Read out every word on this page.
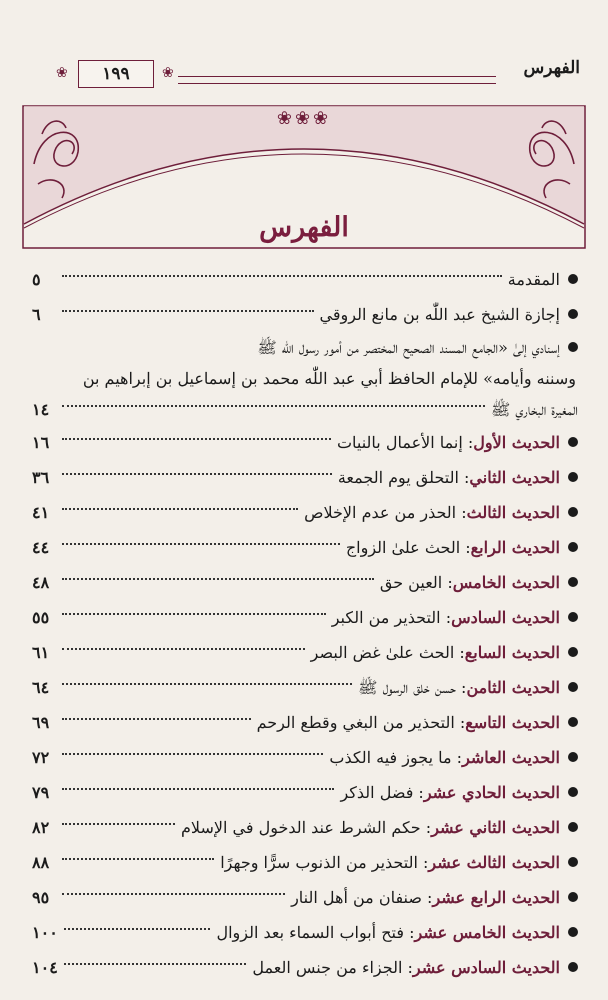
الفهرس
❀
١٩٩
❀
❀❀❀
الفهرس
المقدمة
٥
إجازة الشيخ عبد اللّٰه بن مانع الروقي
٦
إسنادي إلىٰ «الجامع المسند الصحيح المختصر من أمور رسول اللّٰه ﷺ
وسننه وأيامه» للإمام الحافظ أبي عبد اللّٰه محمد بن إسماعيل بن إبراهيم بن
المغيرة البخاري ﷺ
١٤
الحديث الأول: إنما الأعمال بالنيات
١٦
الحديث الثاني: التحلق يوم الجمعة
٣٦
الحديث الثالث: الحذر من عدم الإخلاص
٤١
الحديث الرابع: الحث علىٰ الزواج
٤٤
الحديث الخامس: العين حق
٤٨
الحديث السادس: التحذير من الكبر
٥٥
الحديث السابع: الحث علىٰ غض البصر
٦١
الحديث الثامن: حسن خلق الرسول ﷺ
٦٤
الحديث التاسع: التحذير من البغي وقطع الرحم
٦٩
الحديث العاشر: ما يجوز فيه الكذب
٧٢
الحديث الحادي عشر: فضل الذكر
٧٩
الحديث الثاني عشر: حكم الشرط عند الدخول في الإسلام
٨٢
الحديث الثالث عشر: التحذير من الذنوب سرًّا وجهرًا
٨٨
الحديث الرابع عشر: صنفان من أهل النار
٩٥
الحديث الخامس عشر: فتح أبواب السماء بعد الزوال
١٠٠
الحديث السادس عشر: الجزاء من جنس العمل
١٠٤
